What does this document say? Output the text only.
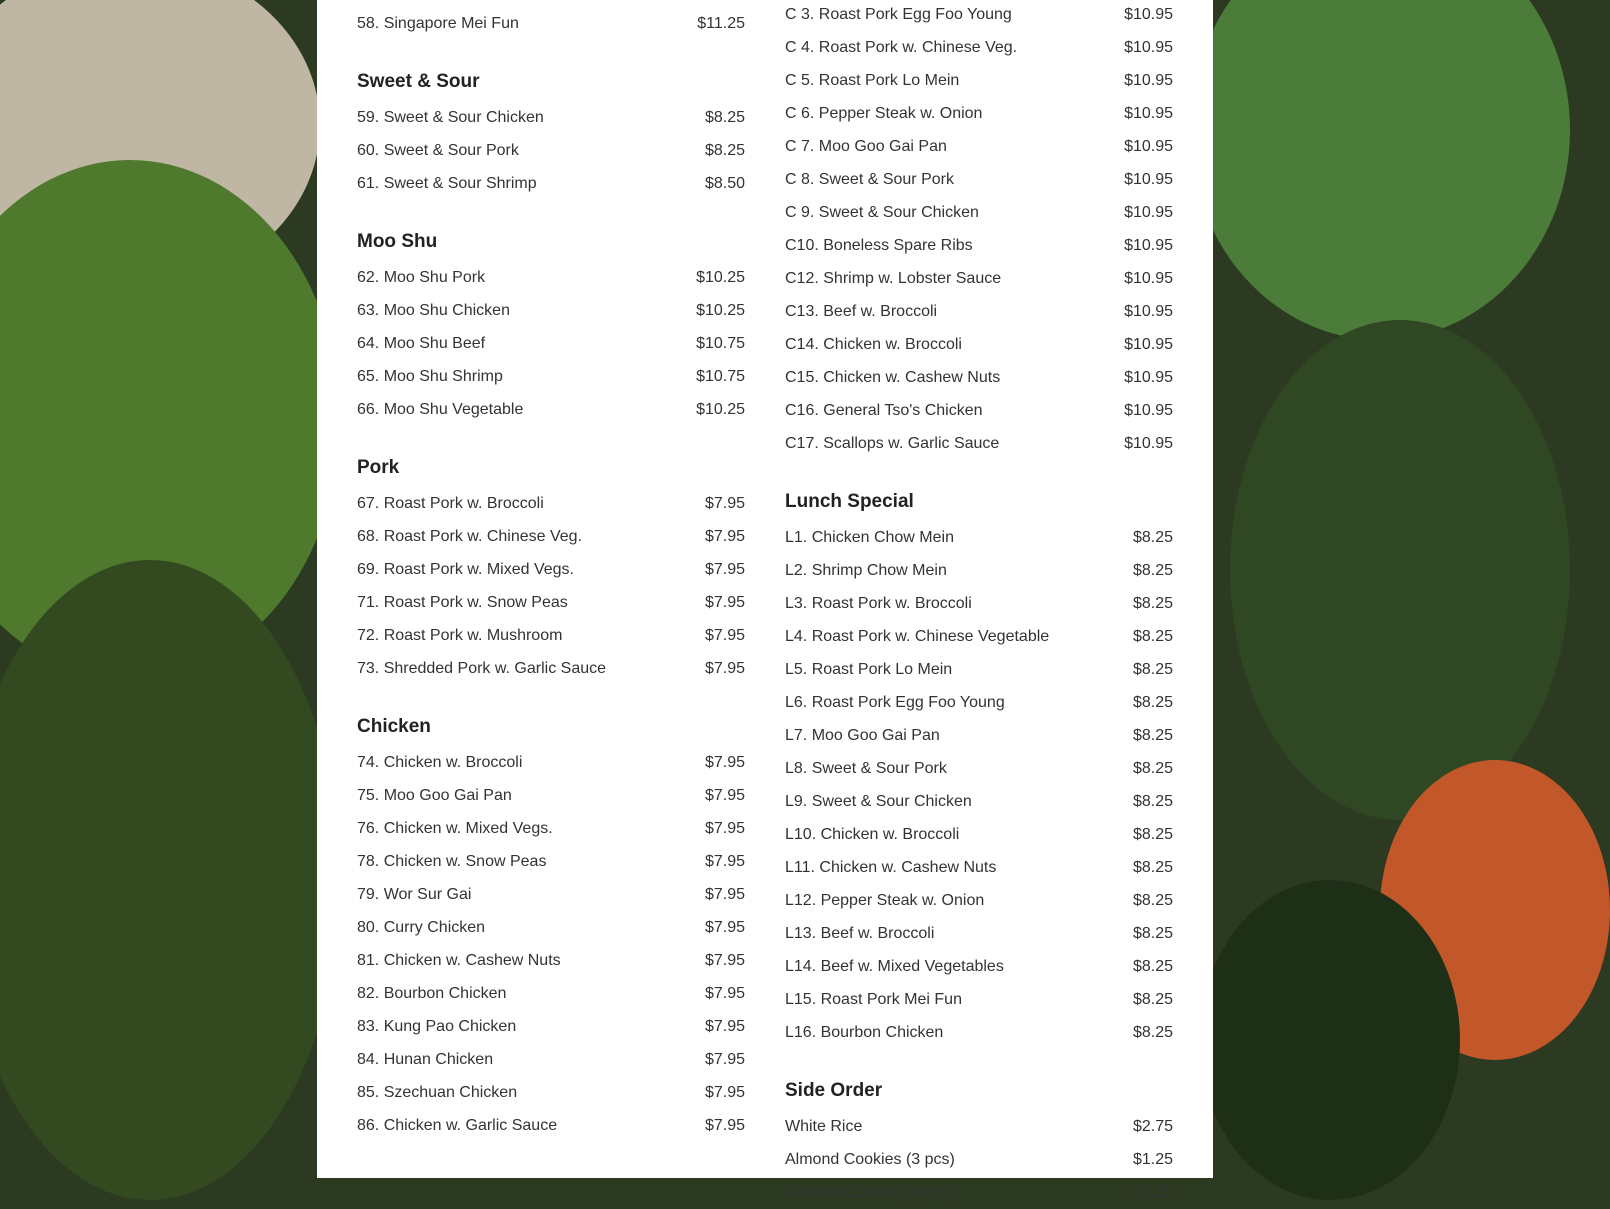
58. Singapore Mei Fun	$11.25
Sweet & Sour
59. Sweet & Sour Chicken	$8.25
60. Sweet & Sour Pork	$8.25
61. Sweet & Sour Shrimp	$8.50
Moo Shu
62. Moo Shu Pork	$10.25
63. Moo Shu Chicken	$10.25
64. Moo Shu Beef	$10.75
65. Moo Shu Shrimp	$10.75
66. Moo Shu Vegetable	$10.25
Pork
67. Roast Pork w. Broccoli	$7.95
68. Roast Pork w. Chinese Veg.	$7.95
69. Roast Pork w. Mixed Vegs.	$7.95
71. Roast Pork w. Snow Peas	$7.95
72. Roast Pork w. Mushroom	$7.95
73. Shredded Pork w. Garlic Sauce	$7.95
Chicken
74. Chicken w. Broccoli	$7.95
75. Moo Goo Gai Pan	$7.95
76. Chicken w. Mixed Vegs.	$7.95
78. Chicken w. Snow Peas	$7.95
79. Wor Sur Gai	$7.95
80. Curry Chicken	$7.95
81. Chicken w. Cashew Nuts	$7.95
82. Bourbon Chicken	$7.95
83. Kung Pao Chicken	$7.95
84. Hunan Chicken	$7.95
85. Szechuan Chicken	$7.95
86. Chicken w. Garlic Sauce	$7.95
C 3. Roast Pork Egg Foo Young	$10.95
C 4. Roast Pork w. Chinese Veg.	$10.95
C 5. Roast Pork Lo Mein	$10.95
C 6. Pepper Steak w. Onion	$10.95
C 7. Moo Goo Gai Pan	$10.95
C 8. Sweet & Sour Pork	$10.95
C 9. Sweet & Sour Chicken	$10.95
C10. Boneless Spare Ribs	$10.95
C12. Shrimp w. Lobster Sauce	$10.95
C13. Beef w. Broccoli	$10.95
C14. Chicken w. Broccoli	$10.95
C15. Chicken w. Cashew Nuts	$10.95
C16. General Tso's Chicken	$10.95
C17. Scallops w. Garlic Sauce	$10.95
Lunch Special
L1. Chicken Chow Mein	$8.25
L2. Shrimp Chow Mein	$8.25
L3. Roast Pork w. Broccoli	$8.25
L4. Roast Pork w. Chinese Vegetable	$8.25
L5. Roast Pork Lo Mein	$8.25
L6. Roast Pork Egg Foo Young	$8.25
L7. Moo Goo Gai Pan	$8.25
L8. Sweet & Sour Pork	$8.25
L9. Sweet & Sour Chicken	$8.25
L10. Chicken w. Broccoli	$8.25
L11. Chicken w. Cashew Nuts	$8.25
L12. Pepper Steak w. Onion	$8.25
L13. Beef w. Broccoli	$8.25
L14. Beef w. Mixed Vegetables	$8.25
L15. Roast Pork Mei Fun	$8.25
L16. Bourbon Chicken	$8.25
Side Order
White Rice	$2.75
Almond Cookies (3 pcs)	$1.25
Fortune Cookies (4 pcs)	$1.25
